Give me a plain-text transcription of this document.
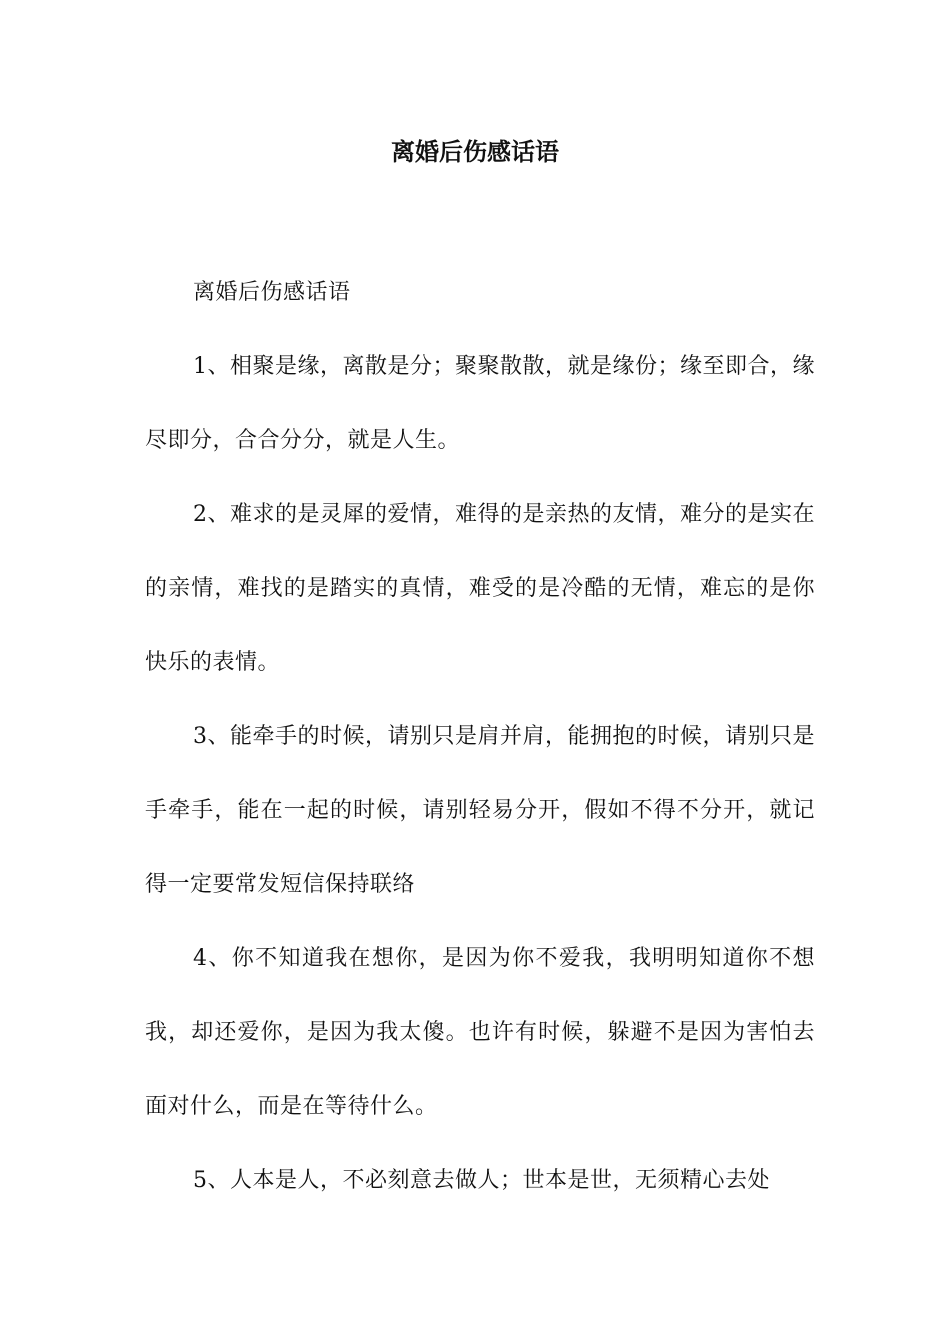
离婚后伤感话语

离婚后伤感话语

1、相聚是缘，离散是分；聚聚散散，就是缘份；缘至即合，缘尽即分，合合分分，就是人生。

2、难求的是灵犀的爱情，难得的是亲热的友情，难分的是实在的亲情，难找的是踏实的真情，难受的是冷酷的无情，难忘的是你快乐的表情。

3、能牵手的时候，请别只是肩并肩，能拥抱的时候，请别只是手牵手，能在一起的时候，请别轻易分开，假如不得不分开，就记得一定要常发短信保持联络

4、你不知道我在想你，是因为你不爱我，我明明知道你不想我，却还爱你，是因为我太傻。也许有时候，躲避不是因为害怕去面对什么，而是在等待什么。

5、人本是人，不必刻意去做人；世本是世，无须精心去处
